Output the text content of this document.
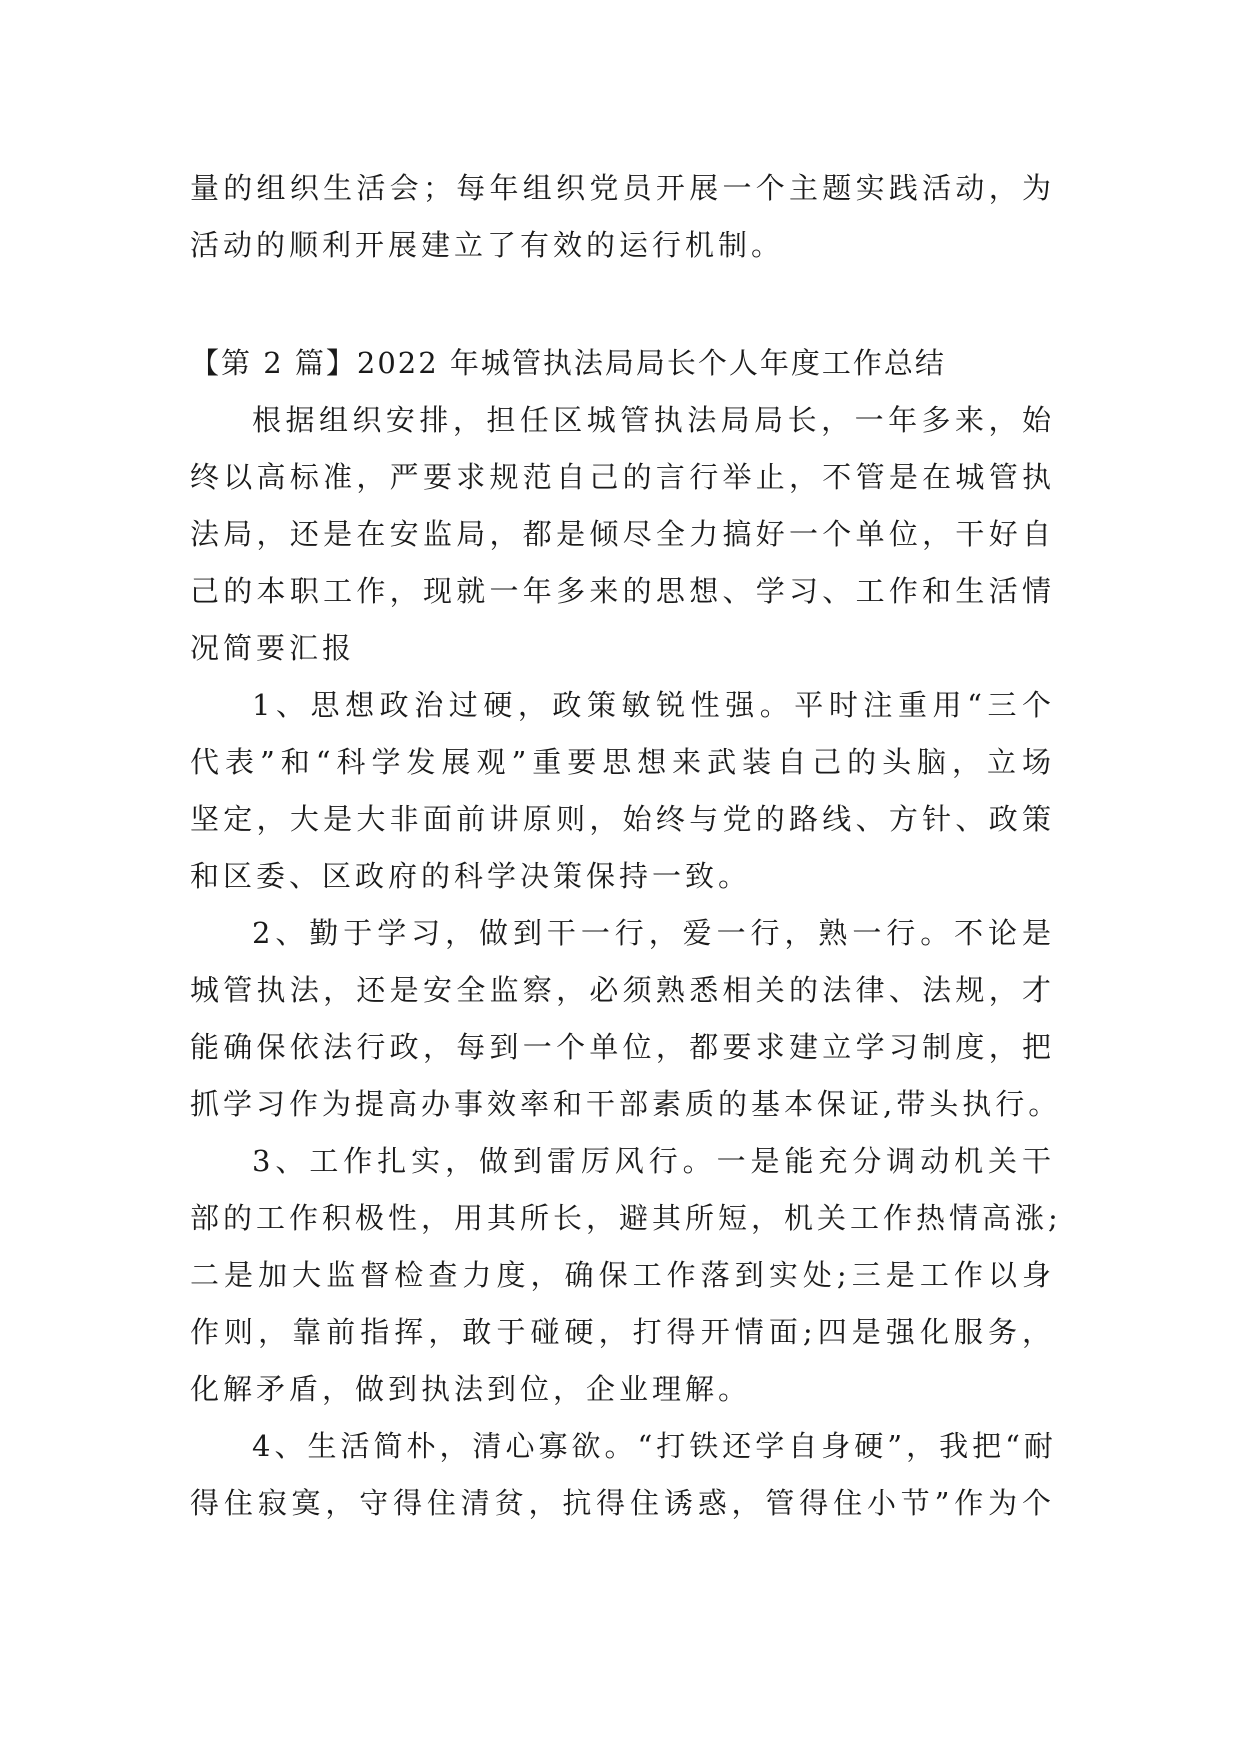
量的组织生活会；每年组织党员开展一个主题实践活动，为
活动的顺利开展建立了有效的运行机制。
【第 2 篇】2022 年城管执法局局长个人年度工作总结
根据组织安排，担任区城管执法局局长，一年多来，始
终以高标准，严要求规范自己的言行举止，不管是在城管执
法局，还是在安监局，都是倾尽全力搞好一个单位，干好自
己的本职工作，现就一年多来的思想、学习、工作和生活情
况简要汇报
1、思想政治过硬，政策敏锐性强。平时注重用“三个
代表”和“科学发展观”重要思想来武装自己的头脑，立场
坚定，大是大非面前讲原则，始终与党的路线、方针、政策
和区委、区政府的科学决策保持一致。
2、勤于学习，做到干一行，爱一行，熟一行。不论是
城管执法，还是安全监察，必须熟悉相关的法律、法规，才
能确保依法行政，每到一个单位，都要求建立学习制度，把
抓学习作为提高办事效率和干部素质的基本保证,带头执行。
3、工作扎实，做到雷厉风行。一是能充分调动机关干
部的工作积极性，用其所长，避其所短，机关工作热情高涨;
二是加大监督检查力度，确保工作落到实处;三是工作以身
作则，靠前指挥，敢于碰硬，打得开情面;四是强化服务，
化解矛盾，做到执法到位，企业理解。
4、生活简朴，清心寡欲。“打铁还学自身硬”，我把“耐
得住寂寞，守得住清贫，抗得住诱惑，管得住小节”作为个
